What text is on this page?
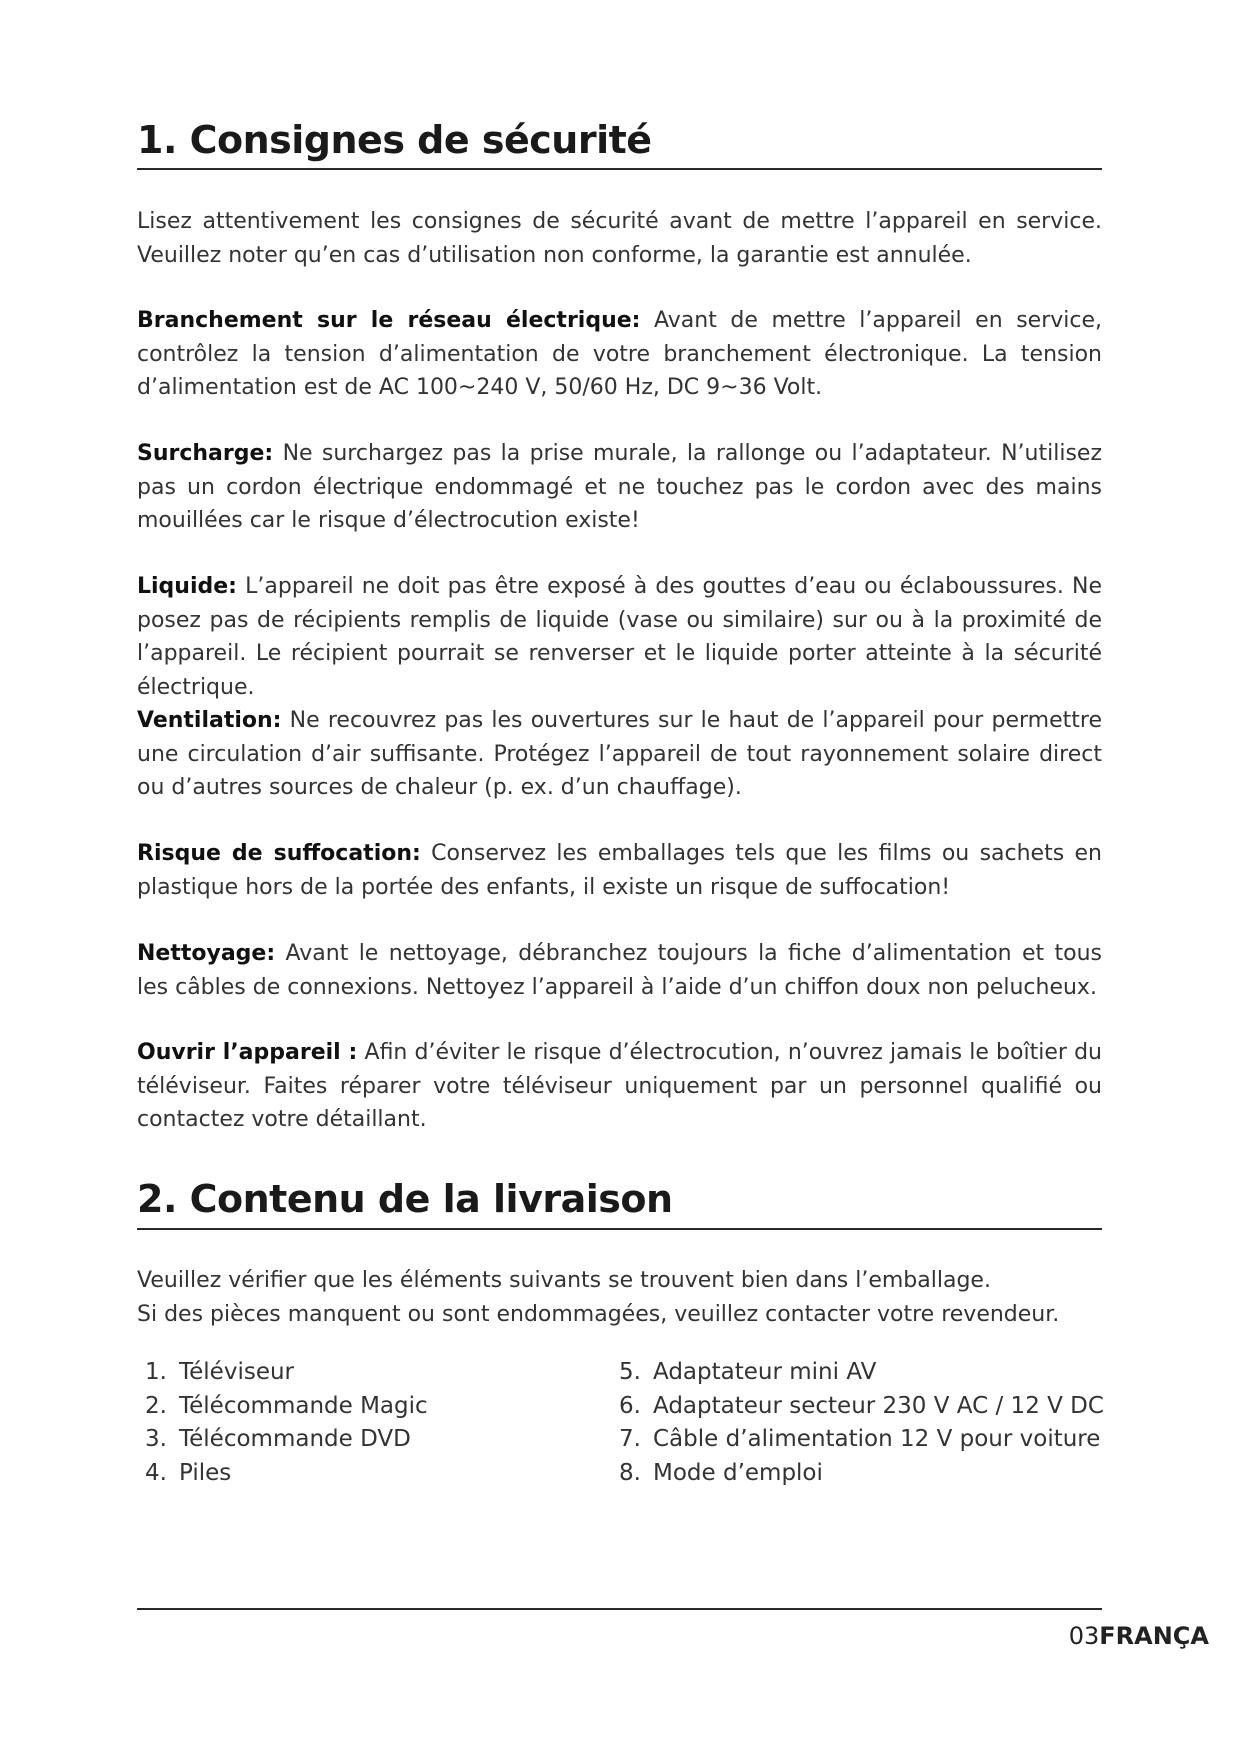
1. Consignes de sécurité

Lisez attentivement les consignes de sécurité avant de mettre l’appareil en service. Veuillez noter qu’en cas d’utilisation non conforme, la garantie est annulée.

Branchement sur le réseau électrique: Avant de mettre l’appareil en service, contrôlez la tension d’alimentation de votre branchement électronique. La tension d’alimentation est de AC 100~240 V, 50/60 Hz, DC 9~36 Volt.

Surcharge: Ne surchargez pas la prise murale, la rallonge ou l’adaptateur. N’utilisez pas un cordon électrique endommagé et ne touchez pas le cordon avec des mains mouillées car le risque d’électrocution existe!

Liquide: L’appareil ne doit pas être exposé à des gouttes d’eau ou éclaboussures. Ne posez pas de récipients remplis de liquide (vase ou similaire) sur ou à la proximité de l’appareil. Le récipient pourrait se renverser et le liquide porter atteinte à la sécurité électrique.

Ventilation: Ne recouvrez pas les ouvertures sur le haut de l’appareil pour permettre une circulation d’air suffisante. Protégez l’appareil de tout rayonnement solaire direct ou d’autres sources de chaleur (p. ex. d’un chauffage).

Risque de suffocation: Conservez les emballages tels que les films ou sachets en plastique hors de la portée des enfants, il existe un risque de suffocation!

Nettoyage: Avant le nettoyage, débranchez toujours la fiche d’alimentation et tous les câbles de connexions. Nettoyez l’appareil à l’aide d’un chiffon doux non pelucheux.

Ouvrir l’appareil : Afin d’éviter le risque d’électrocution, n’ouvrez jamais le boîtier du téléviseur. Faites réparer votre téléviseur uniquement par un personnel qualifié ou contactez votre détaillant.

2. Contenu de la livraison

Veuillez vérifier que les éléments suivants se trouvent bien dans l’emballage.
Si des pièces manquent ou sont endommagées, veuillez contacter votre revendeur.

1. Téléviseur
2. Télécommande Magic
3. Télécommande DVD
4. Piles
5. Adaptateur mini AV
6. Adaptateur secteur 230 V AC / 12 V DC
7. Câble d’alimentation 12 V pour voiture
8. Mode d’emploi
03FRANÇA
